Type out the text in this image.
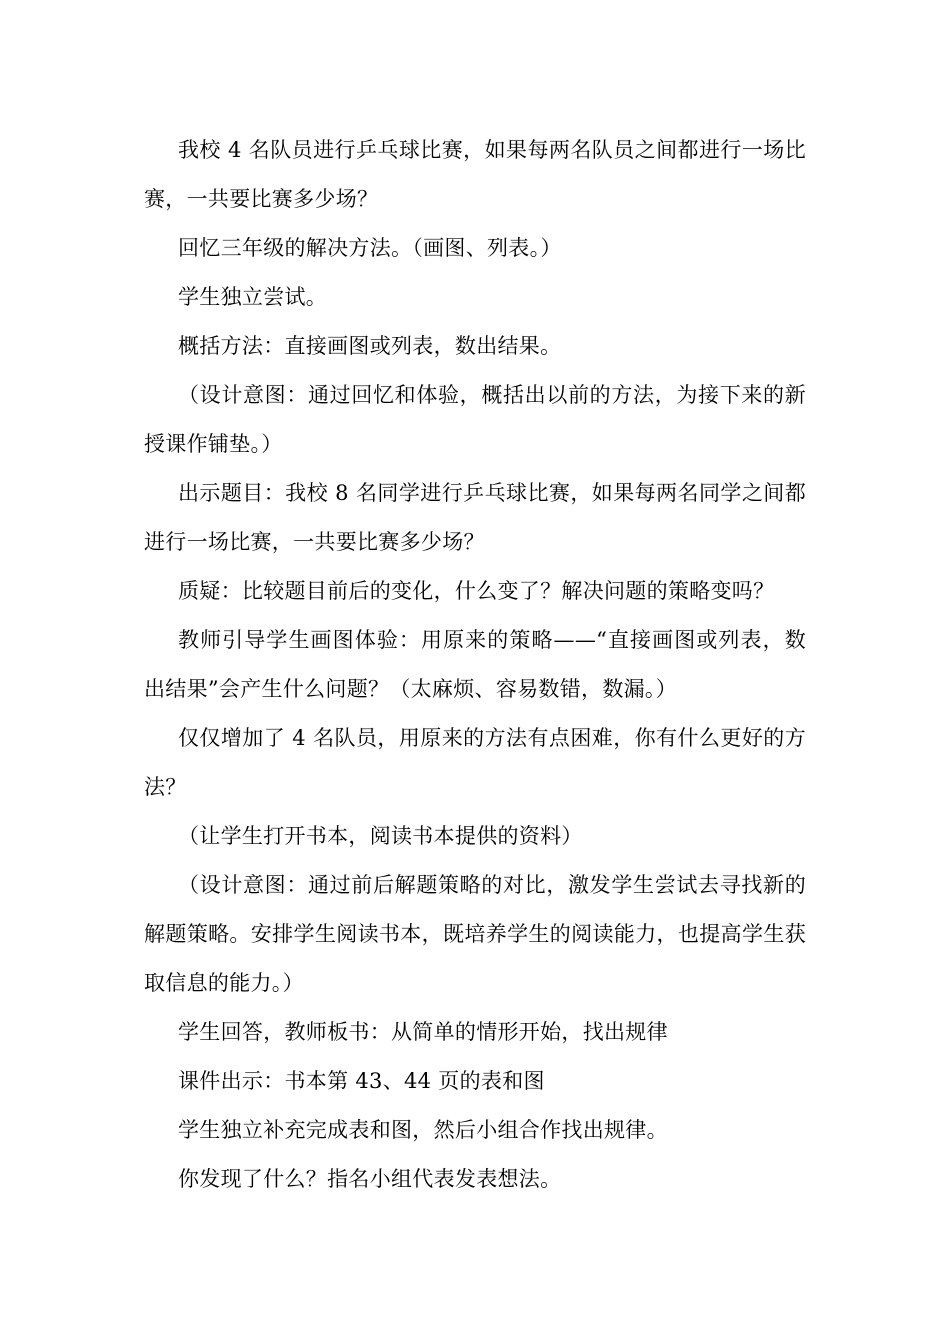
我校 4 名队员进行乒乓球比赛，如果每两名队员之间都进行一场比赛，一共要比赛多少场？

回忆三年级的解决方法。（画图、列表。）

学生独立尝试。

概括方法：直接画图或列表，数出结果。

（设计意图：通过回忆和体验，概括出以前的方法，为接下来的新授课作铺垫。）

出示题目：我校 8 名同学进行乒乓球比赛，如果每两名同学之间都进行一场比赛，一共要比赛多少场？

质疑：比较题目前后的变化，什么变了？解决问题的策略变吗？

教师引导学生画图体验：用原来的策略——“直接画图或列表，数出结果”会产生什么问题？（太麻烦、容易数错，数漏。）

仅仅增加了 4 名队员，用原来的方法有点困难，你有什么更好的方法？

（让学生打开书本，阅读书本提供的资料）

（设计意图：通过前后解题策略的对比，激发学生尝试去寻找新的解题策略。安排学生阅读书本，既培养学生的阅读能力，也提高学生获取信息的能力。）

学生回答，教师板书：从简单的情形开始，找出规律

课件出示：书本第 43、44 页的表和图

学生独立补充完成表和图，然后小组合作找出规律。

你发现了什么？指名小组代表发表想法。
